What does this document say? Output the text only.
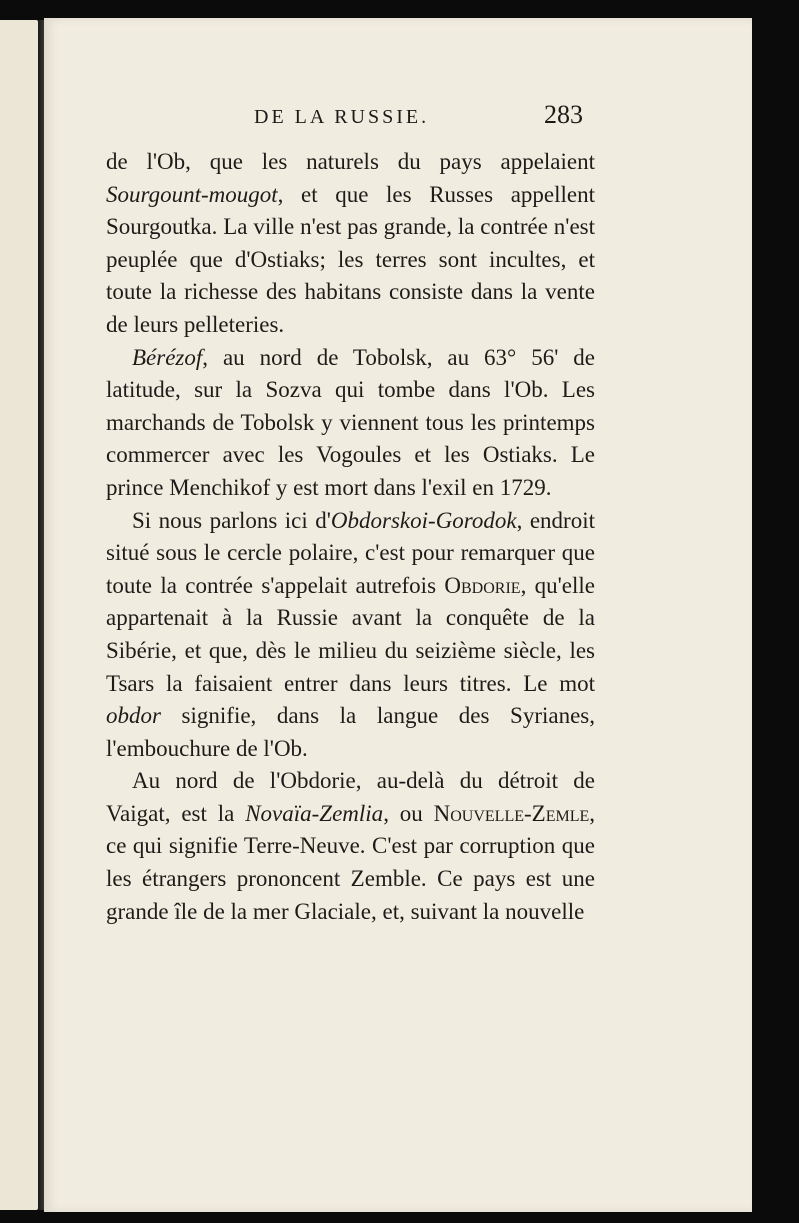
DE LA RUSSIE.	283

de l'Ob, que les naturels du pays appelaient Sourgount-mougot, et que les Russes appellent Sourgoutka. La ville n'est pas grande, la contrée n'est peuplée que d'Ostiaks; les terres sont incultes, et toute la richesse des habitans consiste dans la vente de leurs pelleteries.

Bérézof, au nord de Tobolsk, au 63° 56' de latitude, sur la Sozva qui tombe dans l'Ob. Les marchands de Tobolsk y viennent tous les printemps commercer avec les Vogoules et les Ostiaks. Le prince Menchikof y est mort dans l'exil en 1729.

Si nous parlons ici d'Obdorskoi-Gorodok, endroit situé sous le cercle polaire, c'est pour remarquer que toute la contrée s'appelait autrefois Obdorie, qu'elle appartenait à la Russie avant la conquête de la Sibérie, et que, dès le milieu du seizième siècle, les Tsars la faisaient entrer dans leurs titres. Le mot obdor signifie, dans la langue des Syrianes, l'embouchure de l'Ob.

Au nord de l'Obdorie, au-delà du détroit de Vaigat, est la Novaïa-Zemlia, ou Nouvelle-Zemle, ce qui signifie Terre-Neuve. C'est par corruption que les étrangers prononcent Zemble. Ce pays est une grande île de la mer Glaciale, et, suivant la nouvelle
